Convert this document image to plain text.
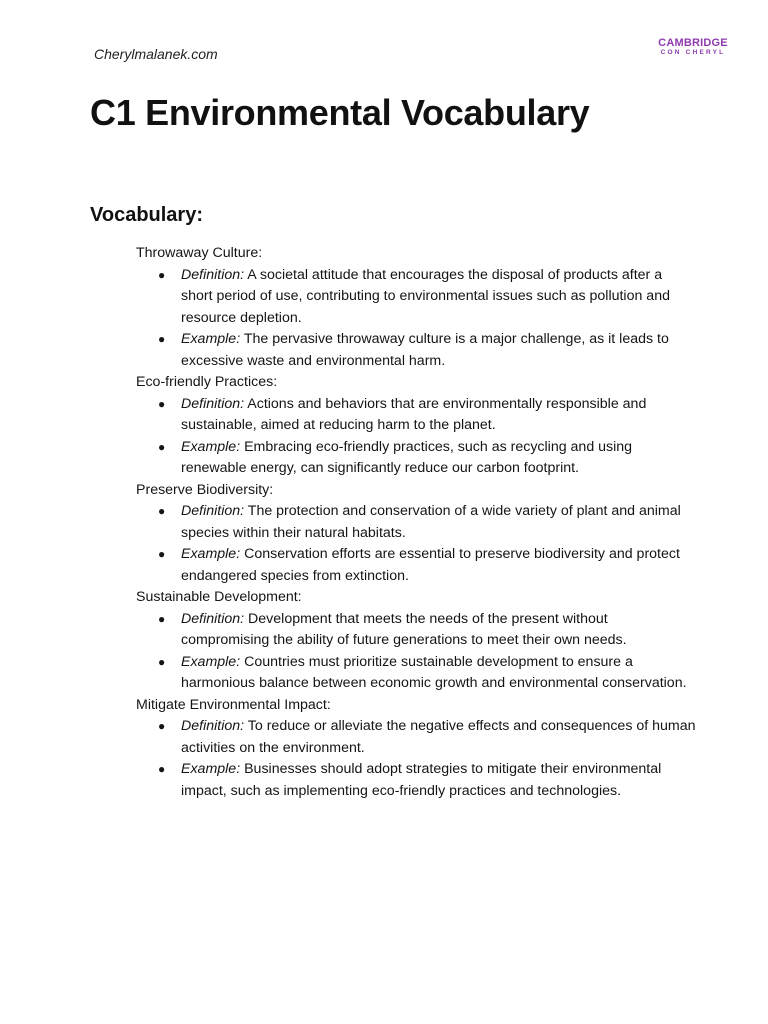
Cherylmalanek.com
CAMBRIDGE
CON CHERYL
C1 Environmental Vocabulary
Vocabulary:

Throwaway Culture:

● Definition: A societal attitude that encourages the disposal of products after a short period of use, contributing to environmental issues such as pollution and resource depletion.
● Example: The pervasive throwaway culture is a major challenge, as it leads to excessive waste and environmental harm.

Eco-friendly Practices:

● Definition: Actions and behaviors that are environmentally responsible and sustainable, aimed at reducing harm to the planet.
● Example: Embracing eco-friendly practices, such as recycling and using renewable energy, can significantly reduce our carbon footprint.

Preserve Biodiversity:

● Definition: The protection and conservation of a wide variety of plant and animal species within their natural habitats.
● Example: Conservation efforts are essential to preserve biodiversity and protect endangered species from extinction.

Sustainable Development:

● Definition: Development that meets the needs of the present without compromising the ability of future generations to meet their own needs.
● Example: Countries must prioritize sustainable development to ensure a harmonious balance between economic growth and environmental conservation.

Mitigate Environmental Impact:

● Definition: To reduce or alleviate the negative effects and consequences of human activities on the environment.
● Example: Businesses should adopt strategies to mitigate their environmental impact, such as implementing eco-friendly practices and technologies.
